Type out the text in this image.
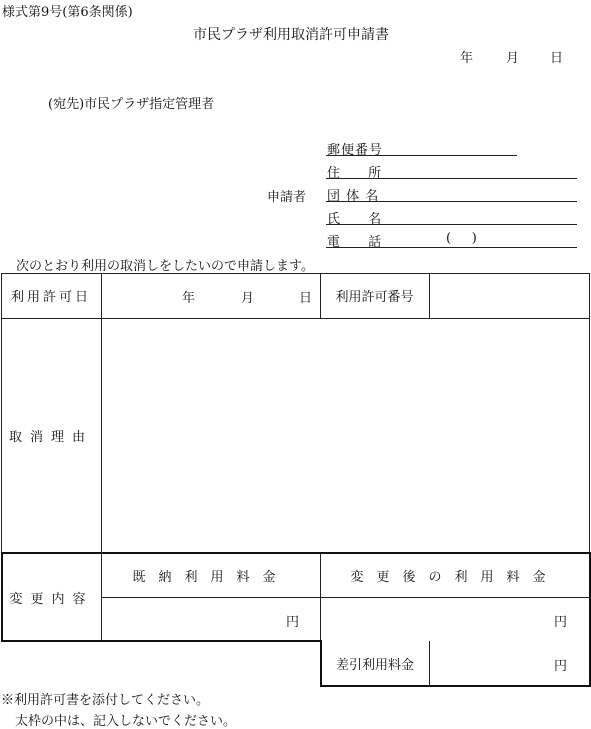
様式第9号(第6条関係)
市民プラザ利用取消許可申請書
年	月 日
(宛先)市民プラザ指定管理者
申請者
郵便番号
住 所
団 体 名
氏 名
電 話	(     )
次のとおり利用の取消しをしたいので申請します。
利用許可日	年	月	日	利用許可番号
取消理由
変更内容
既納利用料金	変更後の利用料金
円	円
差引利用料金	円
※利用許可書を添付してください。
太枠の中は、記入しないでください。
